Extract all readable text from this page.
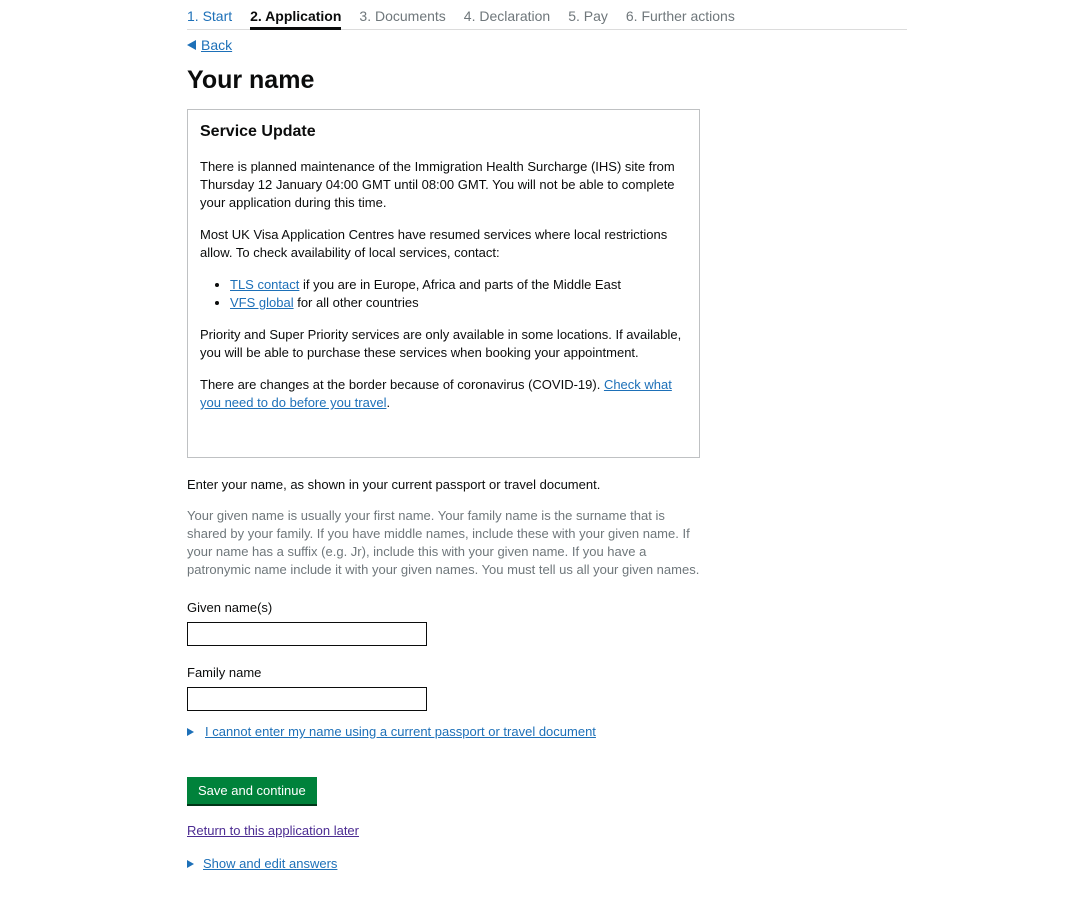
1. Start 2. Application 3. Documents 4. Declaration 5. Pay 6. Further actions
Back
Your name
Service Update

There is planned maintenance of the Immigration Health Surcharge (IHS) site from Thursday 12 January 04:00 GMT until 08:00 GMT. You will not be able to complete your application during this time.

Most UK Visa Application Centres have resumed services where local restrictions allow. To check availability of local services, contact:

• TLS contact if you are in Europe, Africa and parts of the Middle East
• VFS global for all other countries

Priority and Super Priority services are only available in some locations. If available, you will be able to purchase these services when booking your appointment.

There are changes at the border because of coronavirus (COVID-19). Check what you need to do before you travel.

Enter your name, as shown in your current passport or travel document.

Your given name is usually your first name. Your family name is the surname that is shared by your family. If you have middle names, include these with your given name. If your name has a suffix (e.g. Jr), include this with your given name. If you have a patronymic name include it with your given names. You must tell us all your given names.

Given name(s)
Family name
I cannot enter my name using a current passport or travel document
Save and continue
Return to this application later
Show and edit answers
